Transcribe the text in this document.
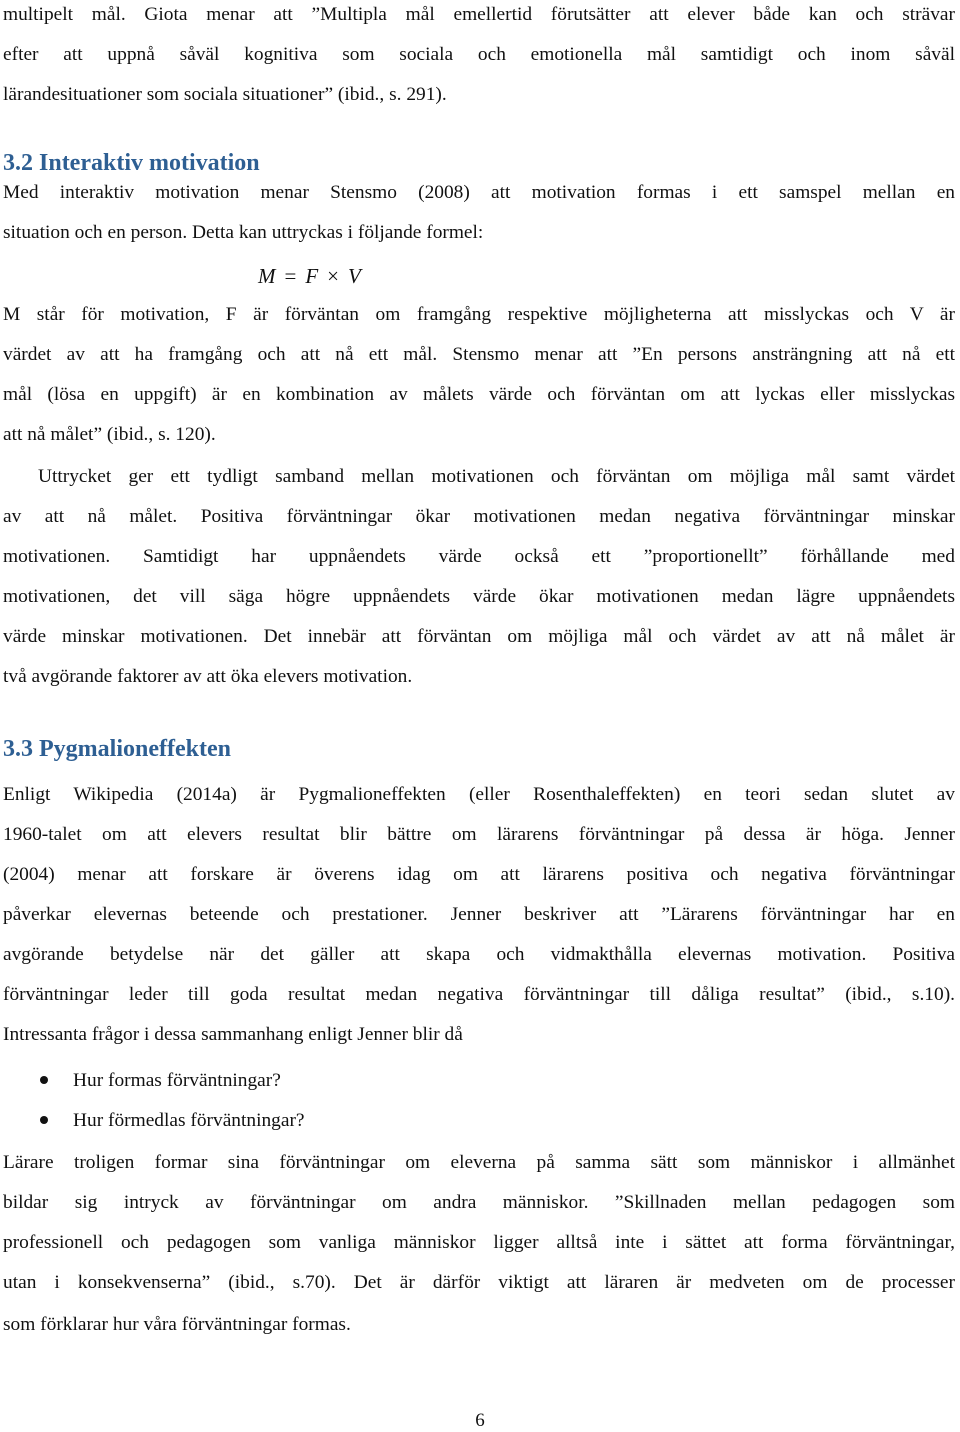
multipelt mål. Giota menar att ”Multipla mål emellertid förutsätter att elever både kan och strävar
efter att uppnå såväl kognitiva som sociala och emotionella mål samtidigt och inom såväl
lärandesituationer som sociala situationer” (ibid., s. 291).
3.2 Interaktiv motivation
Med interaktiv motivation menar Stensmo (2008) att motivation formas i ett samspel mellan en
situation och en person. Detta kan uttryckas i följande formel:
M = F × V
M står för motivation, F är förväntan om framgång respektive möjligheterna att misslyckas och V är
värdet av att ha framgång och att nå ett mål. Stensmo menar att ”En persons ansträngning att nå ett
mål (lösa en uppgift) är en kombination av målets värde och förväntan om att lyckas eller misslyckas
att nå målet” (ibid., s. 120).
Uttrycket ger ett tydligt samband mellan motivationen och förväntan om möjliga mål samt värdet
av att nå målet. Positiva förväntningar ökar motivationen medan negativa förväntningar minskar
motivationen. Samtidigt har uppnåendets värde också ett ”proportionellt” förhållande med
motivationen, det vill säga högre uppnåendets värde ökar motivationen medan lägre uppnåendets
värde minskar motivationen. Det innebär att förväntan om möjliga mål och värdet av att nå målet är
två avgörande faktorer av att öka elevers motivation.
3.3 Pygmalioneffekten
Enligt Wikipedia (2014a) är Pygmalioneffekten (eller Rosenthaleffekten) en teori sedan slutet av
1960-talet om att elevers resultat blir bättre om lärarens förväntningar på dessa är höga. Jenner
(2004) menar att forskare är överens idag om att lärarens positiva och negativa förväntningar
påverkar elevernas beteende och prestationer. Jenner beskriver att ”Lärarens förväntningar har en
avgörande betydelse när det gäller att skapa och vidmakthålla elevernas motivation. Positiva
förväntningar leder till goda resultat medan negativa förväntningar till dåliga resultat” (ibid., s.10).
Intressanta frågor i dessa sammanhang enligt Jenner blir då
Hur formas förväntningar?
Hur förmedlas förväntningar?
Lärare troligen formar sina förväntningar om eleverna på samma sätt som människor i allmänhet
bildar sig intryck av förväntningar om andra människor. ”Skillnaden mellan pedagogen som
professionell och pedagogen som vanliga människor ligger alltså inte i sättet att forma förväntningar,
utan i konsekvenserna” (ibid., s.70). Det är därför viktigt att läraren är medveten om de processer
som förklarar hur våra förväntningar formas.
6
